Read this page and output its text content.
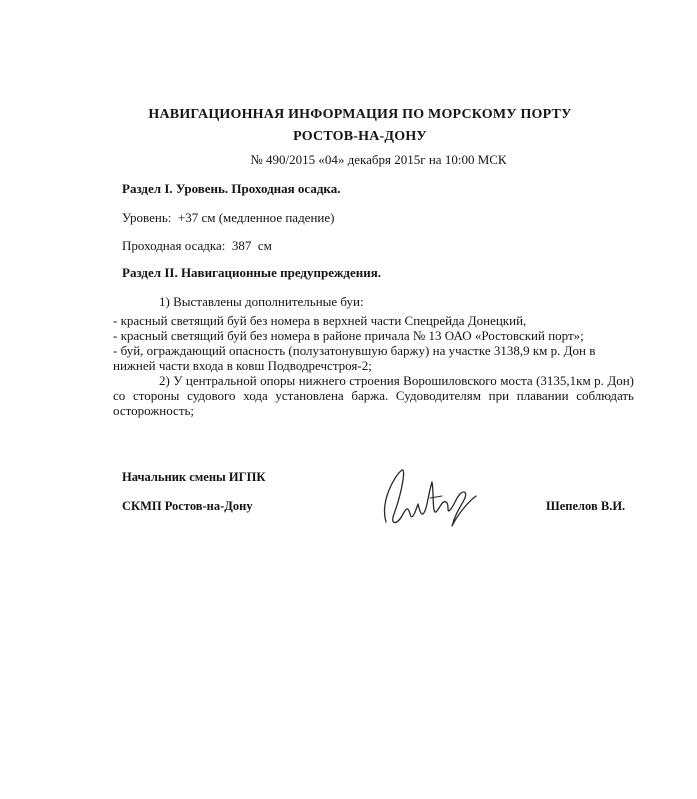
НАВИГАЦИОННАЯ ИНФОРМАЦИЯ ПО МОРСКОМУ ПОРТУ РОСТОВ-НА-ДОНУ
№ 490/2015 «04» декабря 2015г на 10:00 МСК
Раздел I. Уровень. Проходная осадка.
Уровень:  +37 см (медленное падение)
Проходная осадка:  387  см
Раздел II. Навигационные предупреждения.

1) Выставлены дополнительные буи:

- красный светящий буй без номера в верхней части Спецрейда Донецкий,

- красный светящий буй без номера в районе причала № 13 ОАО «Ростовский порт»;

- буй, ограждающий опасность (полузатонувшую баржу) на участке 3138,9 км р. Дон в нижней части входа в ковш Подводречстроя-2;

2) У центральной опоры нижнего строения Ворошиловского моста (3135,1км р. Дон) со стороны судового хода установлена баржа. Судоводителям при плавании соблюдать осторожность;

Начальник смены ИГПК
СКМП Ростов-на-Дону	Шепелов В.И.
